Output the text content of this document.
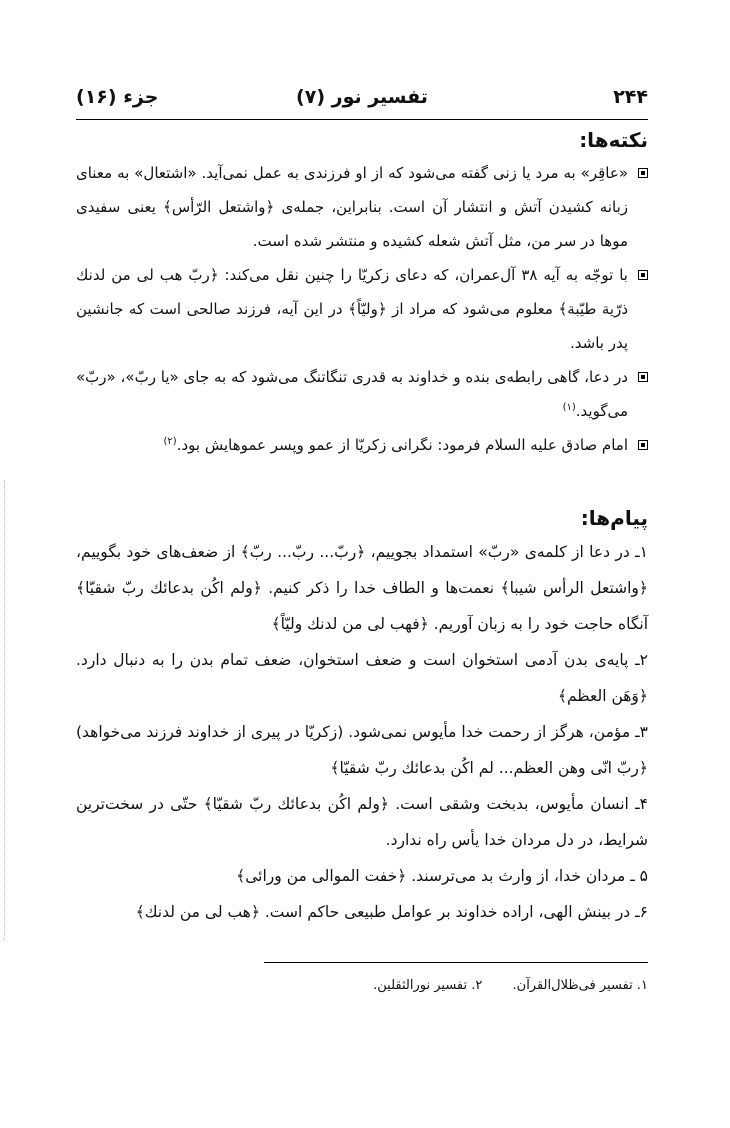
۲۴۴
تفسیر نور (۷)
جزء (۱۶)
نکته‌ها:

«عاقِر» به مرد یا زنی گفته می‌شود که از او فرزندی به عمل نمی‌آید. «اشتعال» به معنای زبانه کشیدن آتش و انتشار آن است. بنابراین، جمله‌ی ﴿واشتعل الرّأس﴾ یعنی سفیدی موها در سر من، مثل آتش شعله کشیده و منتشر شده است.

با توجّه به آیه ۳۸ آل‌عمران، که دعای زکریّا را چنین نقل می‌کند: ﴿ربّ هب لی من لدنك ذرّیة طیّبة﴾ معلوم می‌شود که مراد از ﴿ولیّاً﴾ در این آیه، فرزند صالحی است که جانشین پدر باشد.

در دعا، گاهی رابطه‌ی بنده و خداوند به قدری تنگاتنگ می‌شود که به جای «یا ربّ»، «ربّ» می‌گوید.$^{(۱)}$

امام صادق علیه السلام فرمود: نگرانی زکریّا از عمو وپسر عموهایش بود.$^{(۲)}$

پیام‌ها:

۱ـ در دعا از کلمه‌ی «ربّ» استمداد بجوییم، ﴿ربّ... ربّ... ربّ﴾ از ضعف‌های خود بگوییم، ﴿واشتعل الرأس شیبا﴾ نعمت‌ها و الطاف خدا را ذکر کنیم. ﴿ولم اکُن بدعائك ربّ شقیّا﴾ آنگاه حاجت خود را به زبان آوریم. ﴿فهب لی من لدنك ولیّاً﴾

۲ـ پایه‌ی بدن آدمی استخوان است و ضعف استخوان، ضعف تمام بدن را به دنبال دارد. ﴿وَهَن العظم﴾

۳ـ مؤمن، هرگز از رحمت خدا مأیوس نمی‌شود. (زکریّا در پیری از خداوند فرزند می‌خواهد) ﴿ربّ انّی وهن العظم... لم اکُن بدعائك ربّ شقیّا﴾

۴ـ انسان مأیوس، بدبخت وشقی است. ﴿ولم اکُن بدعائك ربّ شقیّا﴾ حتّی در سخت‌ترین شرایط، در دل مردان خدا یأس راه ندارد.

۵ ـ مردان خدا، از وارث بد می‌ترسند. ﴿خفت الموالی من ورائی﴾

۶ـ در بینش الهی، اراده خداوند بر عوامل طبیعی حاکم است. ﴿هب لی من لدنك﴾

۱. تفسیر فی‌ظلال‌القرآن. ۲. تفسیر نورالثقلین.
